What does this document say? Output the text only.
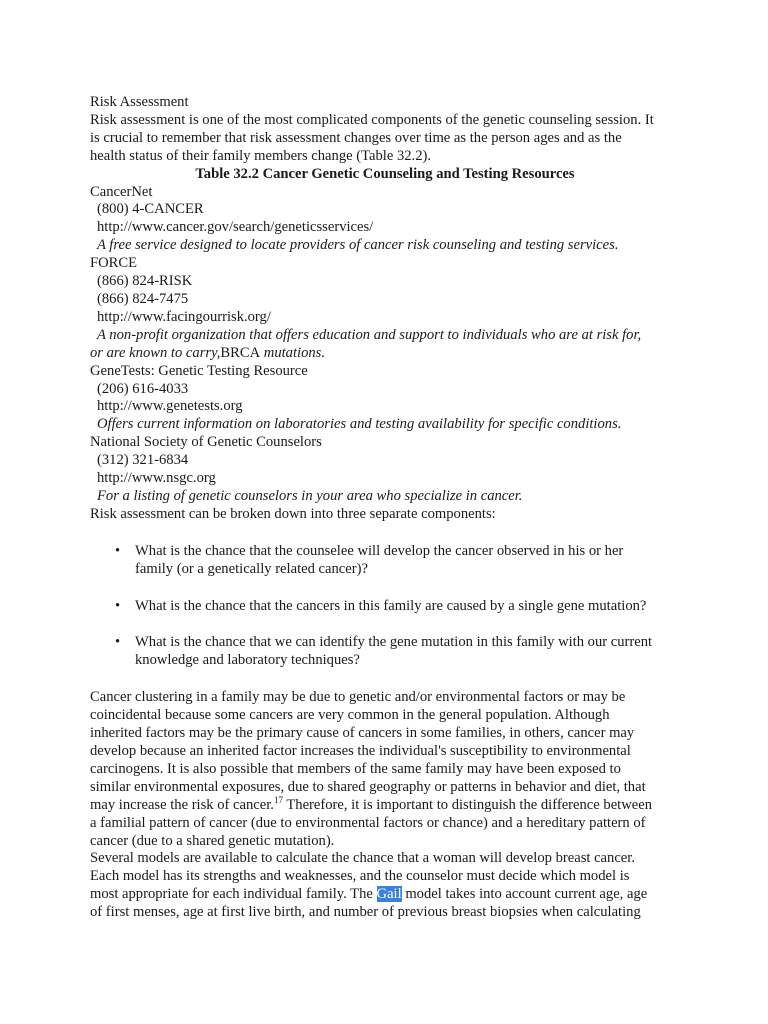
Risk Assessment
Risk assessment is one of the most complicated components of the genetic counseling session. It
is crucial to remember that risk assessment changes over time as the person ages and as the
health status of their family members change (Table 32.2).
Table 32.2 Cancer Genetic Counseling and Testing Resources
CancerNet
(800) 4-CANCER
http://www.cancer.gov/search/geneticsservices/
A free service designed to locate providers of cancer risk counseling and testing services.
FORCE
(866) 824-RISK
(866) 824-7475
http://www.facingourrisk.org/
A non-profit organization that offers education and support to individuals who are at risk for,
or are known to carry,BRCA mutations.
GeneTests: Genetic Testing Resource
(206) 616-4033
http://www.genetests.org
Offers current information on laboratories and testing availability for specific conditions.
National Society of Genetic Counselors
(312) 321-6834
http://www.nsgc.org
For a listing of genetic counselors in your area who specialize in cancer.
Risk assessment can be broken down into three separate components:
• What is the chance that the counselee will develop the cancer observed in his or her
family (or a genetically related cancer)?
• What is the chance that the cancers in this family are caused by a single gene mutation?
• What is the chance that we can identify the gene mutation in this family with our current
knowledge and laboratory techniques?
Cancer clustering in a family may be due to genetic and/or environmental factors or may be
coincidental because some cancers are very common in the general population. Although
inherited factors may be the primary cause of cancers in some families, in others, cancer may
develop because an inherited factor increases the individual's susceptibility to environmental
carcinogens. It is also possible that members of the same family may have been exposed to
similar environmental exposures, due to shared geography or patterns in behavior and diet, that
may increase the risk of cancer.$^{17}$ Therefore, it is important to distinguish the difference between
a familial pattern of cancer (due to environmental factors or chance) and a hereditary pattern of
cancer (due to a shared genetic mutation).
Several models are available to calculate the chance that a woman will develop breast cancer.
Each model has its strengths and weaknesses, and the counselor must decide which model is
most appropriate for each individual family. The Gail model takes into account current age, age
of first menses, age at first live birth, and number of previous breast biopsies when calculating
